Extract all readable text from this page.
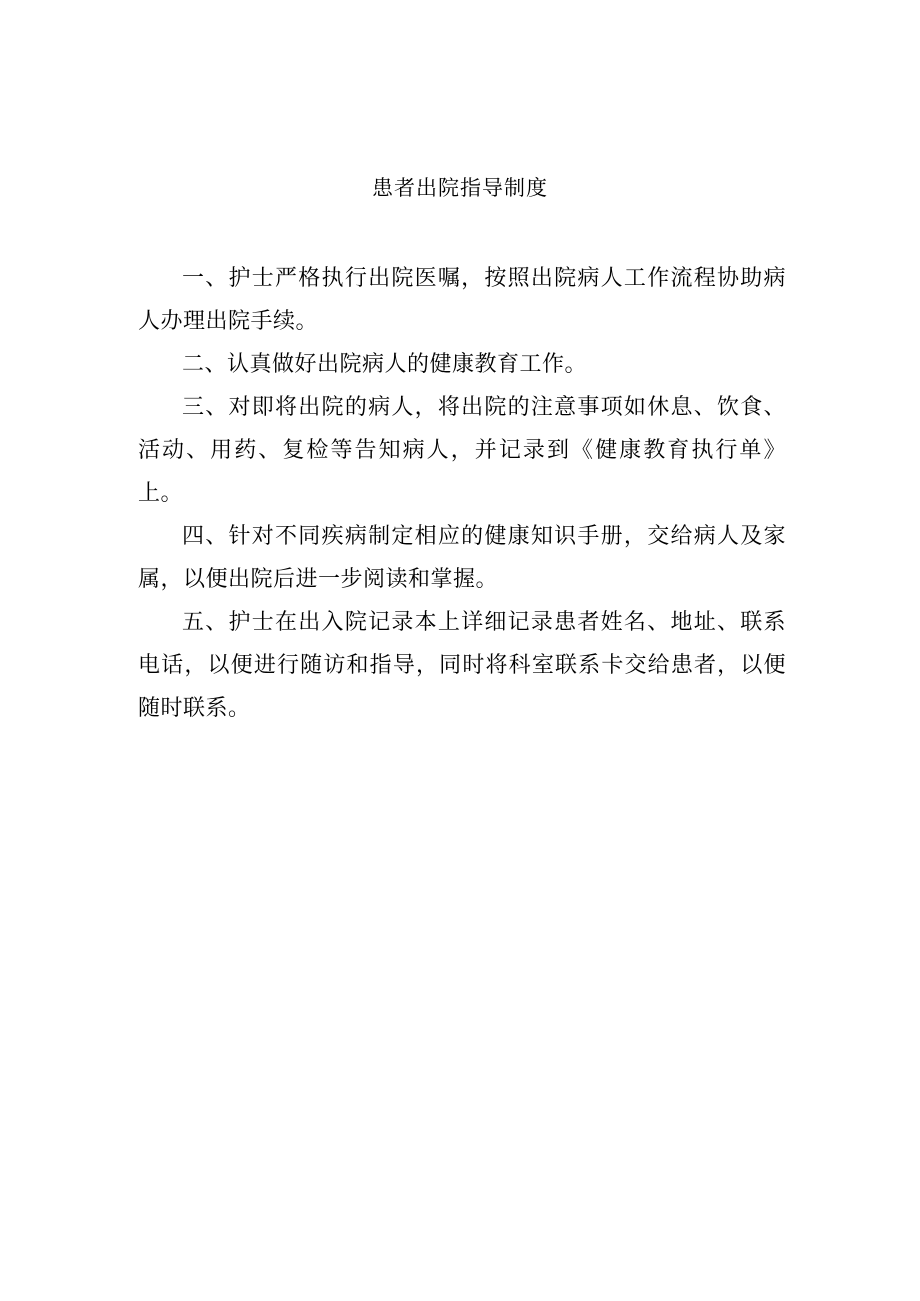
患者出院指导制度

一、护士严格执行出院医嘱，按照出院病人工作流程协助病人办理出院手续。

二、认真做好出院病人的健康教育工作。

三、对即将出院的病人，将出院的注意事项如休息、饮食、活动、用药、复检等告知病人，并记录到《健康教育执行单》上。

四、针对不同疾病制定相应的健康知识手册，交给病人及家属，以便出院后进一步阅读和掌握。

五、护士在出入院记录本上详细记录患者姓名、地址、联系电话，以便进行随访和指导，同时将科室联系卡交给患者，以便随时联系。
